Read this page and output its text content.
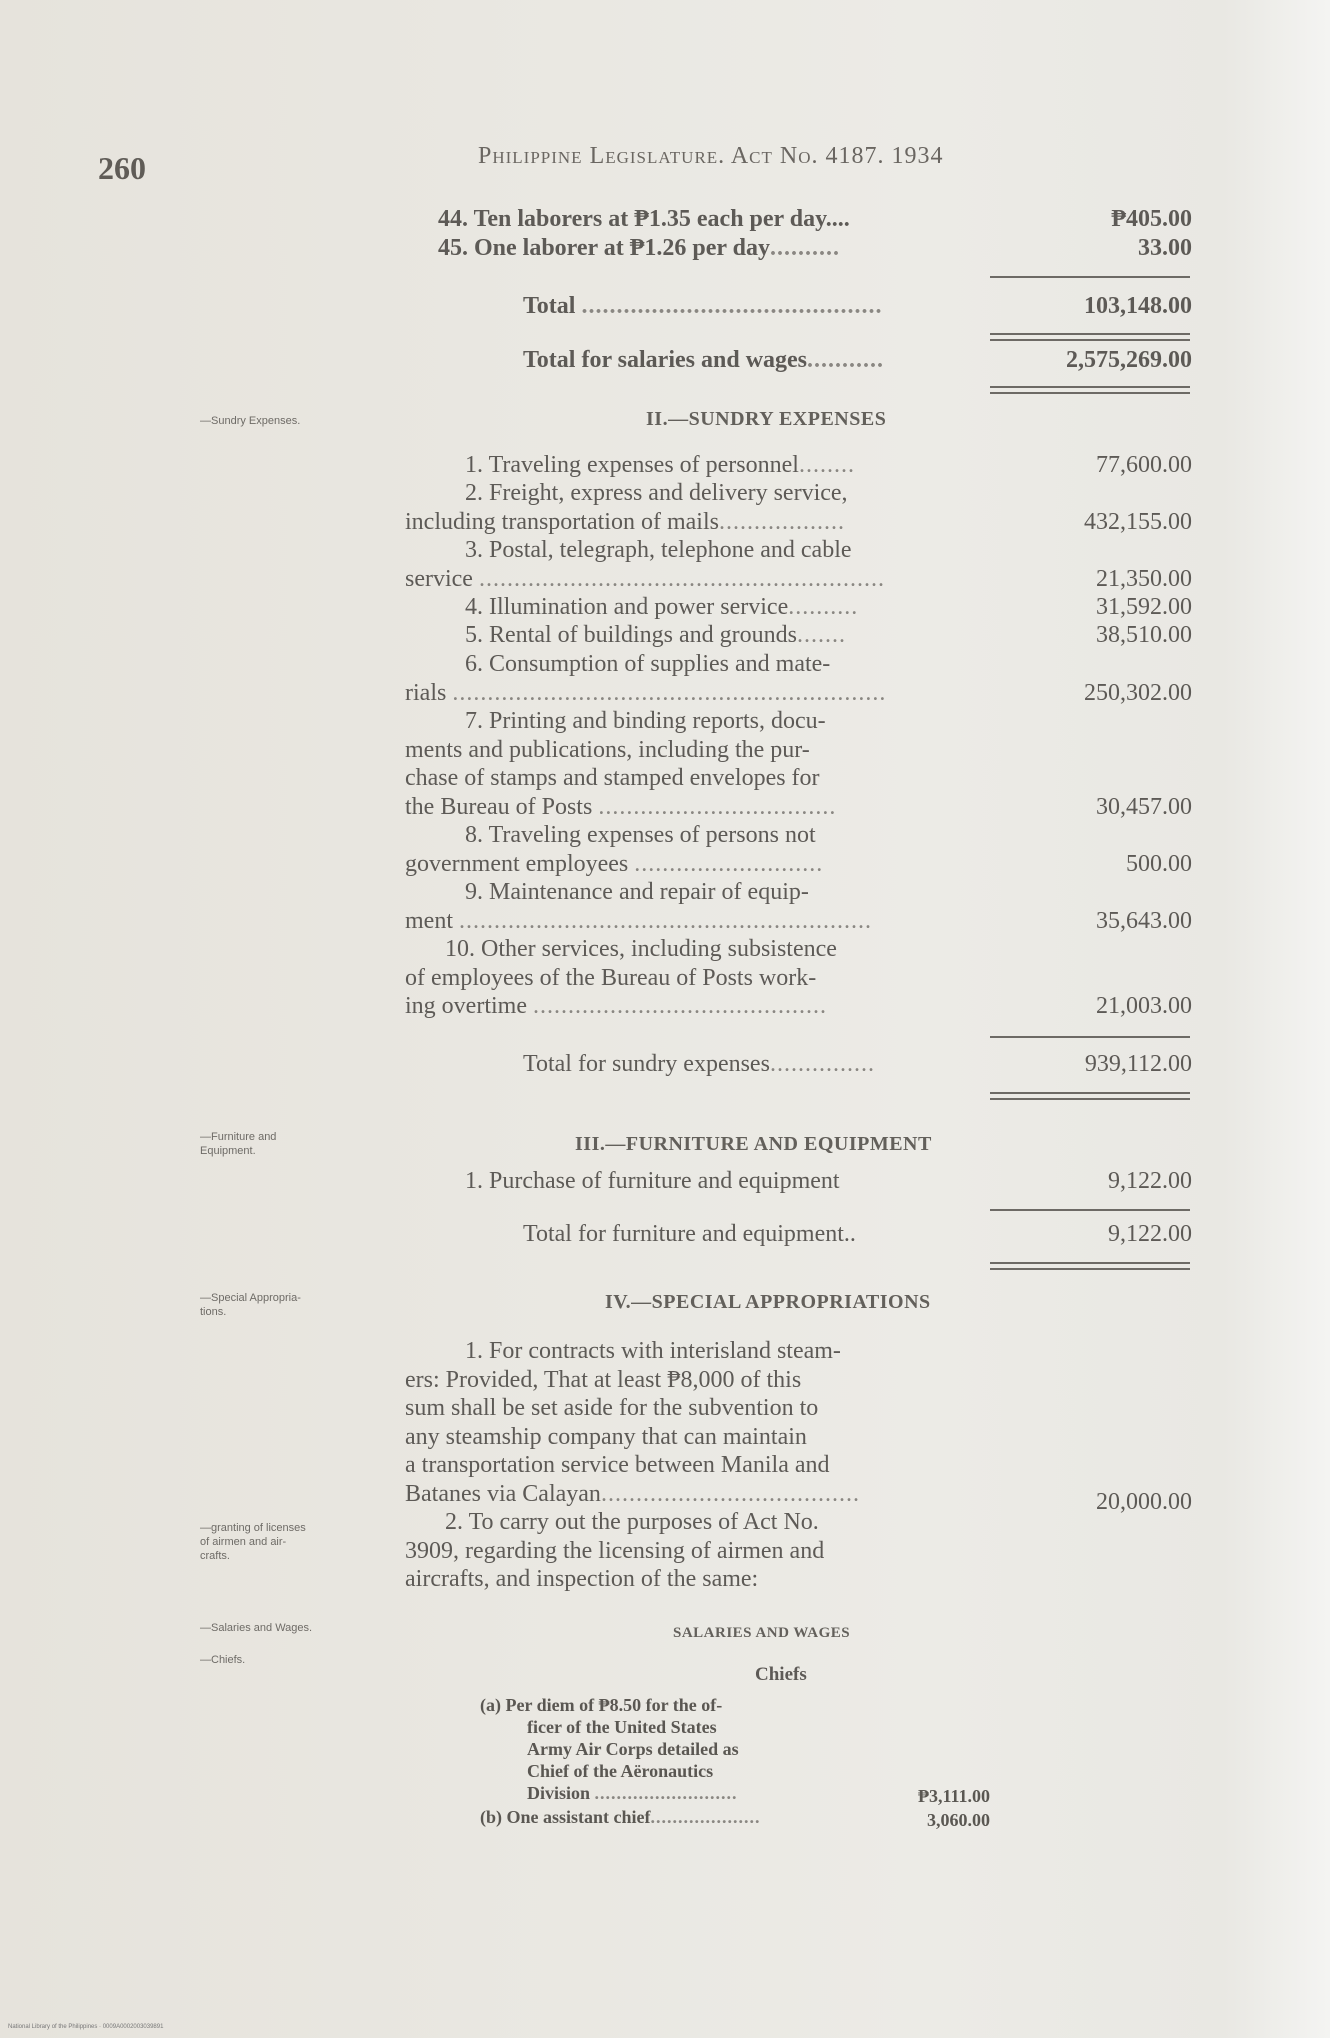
260	Philippine Legislature. Act No. 4187. 1934
44. Ten laborers at ₱1.35 each per day....	₱405.00
45. One laborer at ₱1.26 per day..........	33.00
Total ...........................................	103,148.00
Total for salaries and wages...........	2,575,269.00
—Sundry Expenses.	II.—SUNDRY EXPENSES
1. Traveling expenses of personnel........	77,600.00
2. Freight, express and delivery service,
including transportation of mails..................	432,155.00
3. Postal, telegraph, telephone and cable
service ..........................................................	21,350.00
4. Illumination and power service..........	31,592.00
5. Rental of buildings and grounds.......	38,510.00
6. Consumption of supplies and mate-
rials ..............................................................	250,302.00
7. Printing and binding reports, docu-
ments and publications, including the pur-
chase of stamps and stamped envelopes for
the Bureau of Posts ..................................	30,457.00
8. Traveling expenses of persons not
government employees ...........................	500.00
9. Maintenance and repair of equip-
ment ...........................................................	35,643.00
10. Other services, including subsistence
of employees of the Bureau of Posts work-
ing overtime ..........................................	21,003.00
Total for sundry expenses...............	939,112.00
—Furniture and
Equipment.	III.—FURNITURE AND EQUIPMENT
1. Purchase of furniture and equipment	9,122.00
Total for furniture and equipment..	9,122.00
—Special Appropria-
tions.	IV.—SPECIAL APPROPRIATIONS
1. For contracts with interisland steam-
ers: Provided, That at least ₱8,000 of this
sum shall be set aside for the subvention to
any steamship company that can maintain
a transportation service between Manila and
Batanes via Calayan.....................................	20,000.00
—granting of licenses
of airmen and air-
crafts.
2. To carry out the purposes of Act No.
3909, regarding the licensing of airmen and
aircrafts, and inspection of the same:
—Salaries and Wages.
—Chiefs.
SALARIES AND WAGES
Chiefs
(a) Per diem of ₱8.50 for the of-
ficer of the United States
Army Air Corps detailed as
Chief of the Aëronautics
Division ..........................	₱3,111.00
(b) One assistant chief....................	3,060.00
National Library of the Philippines · 0009A0002003039891
